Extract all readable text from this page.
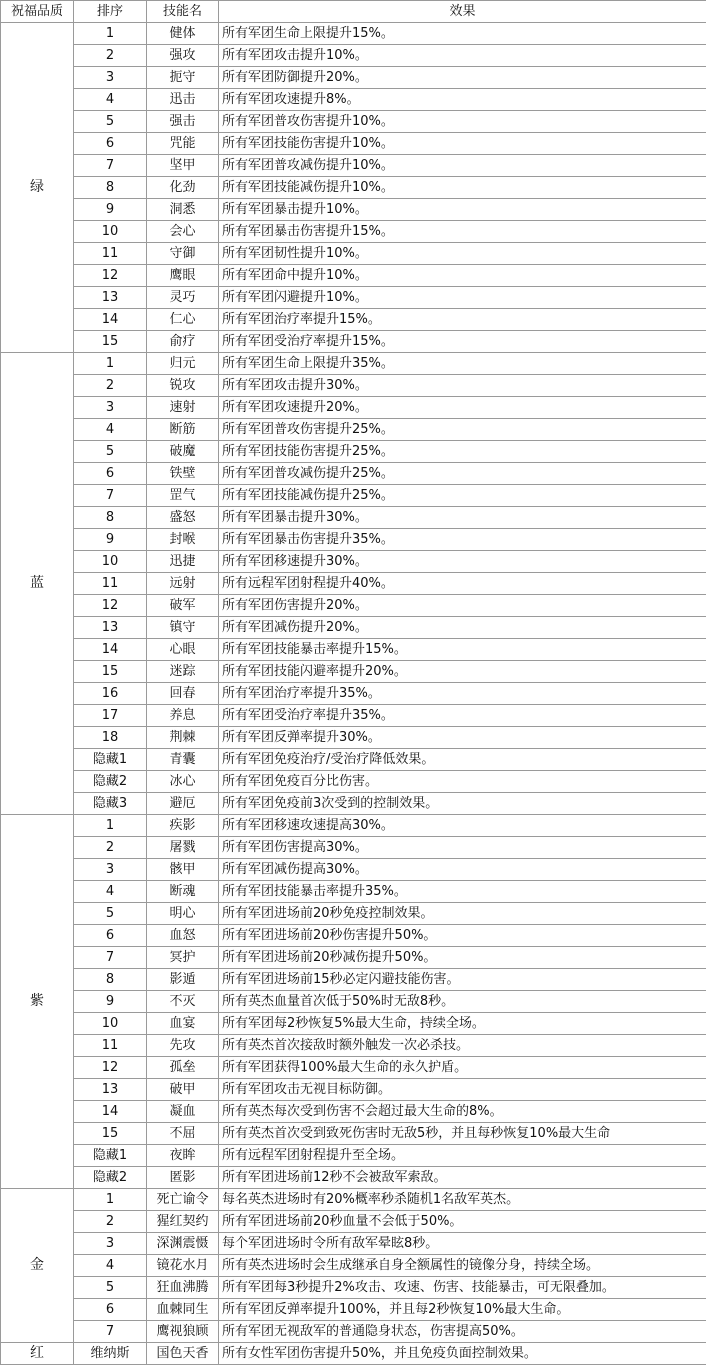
祝福品质	排序	技能名	效果
绿	1	健体	所有军团生命上限提升15%。
	2	强攻	所有军团攻击提升10%。
	3	扼守	所有军团防御提升20%。
	4	迅击	所有军团攻速提升8%。
	5	强击	所有军团普攻伤害提升10%。
	6	咒能	所有军团技能伤害提升10%。
	7	坚甲	所有军团普攻减伤提升10%。
	8	化劲	所有军团技能减伤提升10%。
	9	洞悉	所有军团暴击提升10%。
	10	会心	所有军团暴击伤害提升15%。
	11	守御	所有军团韧性提升10%。
	12	鹰眼	所有军团命中提升10%。
	13	灵巧	所有军团闪避提升10%。
	14	仁心	所有军团治疗率提升15%。
	15	俞疗	所有军团受治疗率提升15%。
蓝	1	归元	所有军团生命上限提升35%。
	2	锐攻	所有军团攻击提升30%。
	3	速射	所有军团攻速提升20%。
	4	断筋	所有军团普攻伤害提升25%。
	5	破魔	所有军团技能伤害提升25%。
	6	铁壁	所有军团普攻减伤提升25%。
	7	罡气	所有军团技能减伤提升25%。
	8	盛怒	所有军团暴击提升30%。
	9	封喉	所有军团暴击伤害提升35%。
	10	迅捷	所有军团移速提升30%。
	11	远射	所有远程军团射程提升40%。
	12	破军	所有军团伤害提升20%。
	13	镇守	所有军团减伤提升20%。
	14	心眼	所有军团技能暴击率提升15%。
	15	迷踪	所有军团技能闪避率提升20%。
	16	回春	所有军团治疗率提升35%。
	17	养息	所有军团受治疗率提升35%。
	18	荆棘	所有军团反弹率提升30%。
	隐藏1	青囊	所有军团免疫治疗/受治疗降低效果。
	隐藏2	冰心	所有军团免疫百分比伤害。
	隐藏3	避厄	所有军团免疫前3次受到的控制效果。
紫	1	疾影	所有军团移速攻速提高30%。
	2	屠戮	所有军团伤害提高30%。
	3	骸甲	所有军团减伤提高30%。
	4	断魂	所有军团技能暴击率提升35%。
	5	明心	所有军团进场前20秒免疫控制效果。
	6	血怒	所有军团进场前20秒伤害提升50%。
	7	冥护	所有军团进场前20秒减伤提升50%。
	8	影遁	所有军团进场前15秒必定闪避技能伤害。
	9	不灭	所有英杰血量首次低于50%时无敌8秒。
	10	血宴	所有军团每2秒恢复5%最大生命，持续全场。
	11	先攻	所有英杰首次接敌时额外触发一次必杀技。
	12	孤垒	所有军团获得100%最大生命的永久护盾。
	13	破甲	所有军团攻击无视目标防御。
	14	凝血	所有英杰每次受到伤害不会超过最大生命的8%。
	15	不屈	所有英杰首次受到致死伤害时无敌5秒，并且每秒恢复10%最大生命
	隐藏1	夜眸	所有远程军团射程提升至全场。
	隐藏2	匿影	所有军团进场前12秒不会被敌军索敌。
金	1	死亡谕令	每名英杰进场时有20%概率秒杀随机1名敌军英杰。
	2	猩红契约	所有军团进场前20秒血量不会低于50%。
	3	深渊震慑	每个军团进场时令所有敌军晕眩8秒。
	4	镜花水月	所有英杰进场时会生成继承自身全额属性的镜像分身，持续全场。
	5	狂血沸腾	所有军团每3秒提升2%攻击、攻速、伤害、技能暴击，可无限叠加。
	6	血棘同生	所有军团反弹率提升100%，并且每2秒恢复10%最大生命。
	7	鹰视狼顾	所有军团无视敌军的普通隐身状态，伤害提高50%。
红	维纳斯	国色天香	所有女性军团伤害提升50%，并且免疫负面控制效果。
